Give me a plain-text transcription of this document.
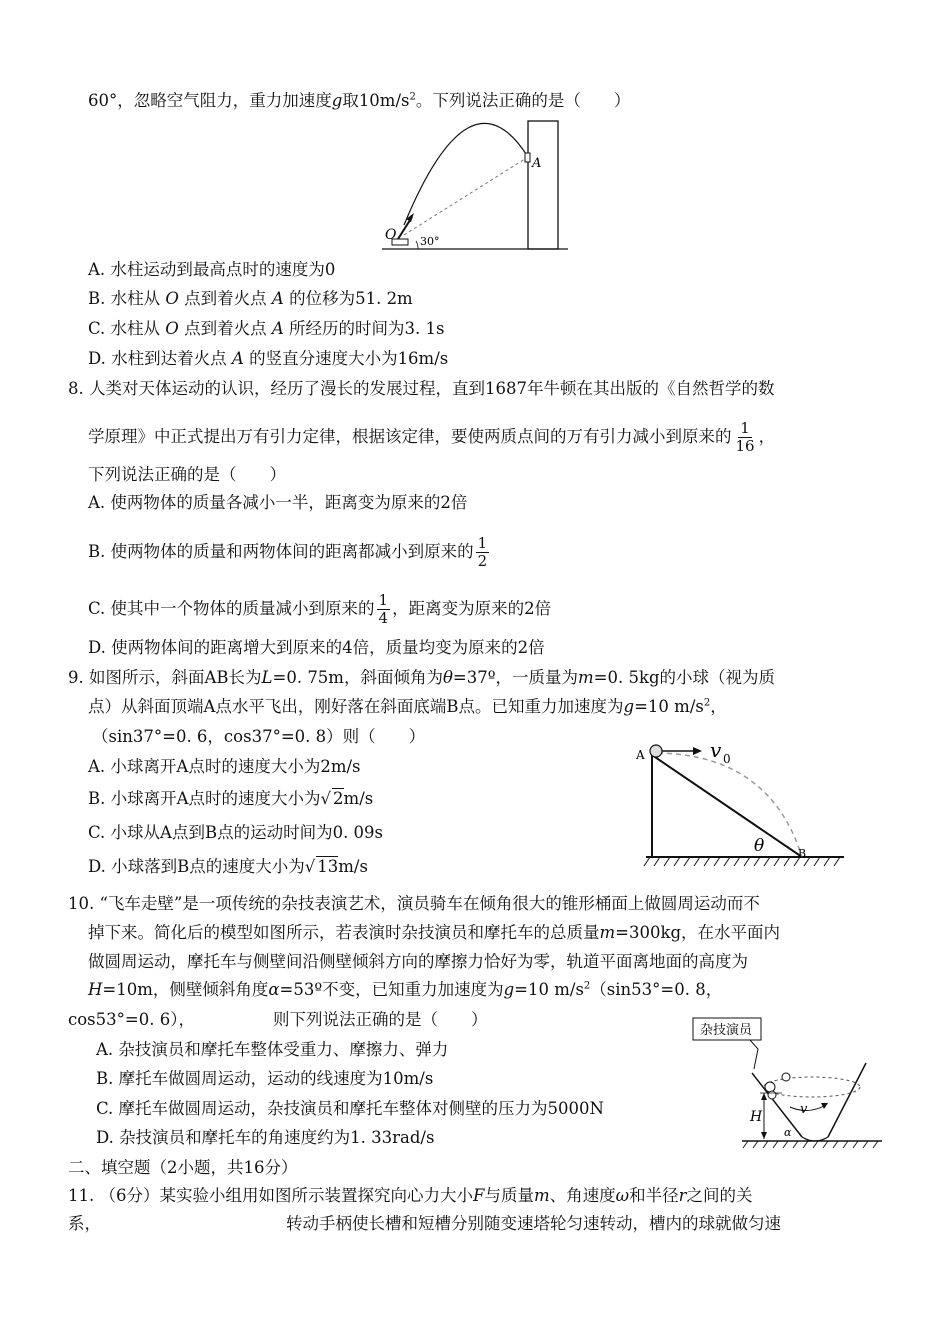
60°，忽略空气阻力，重力加速度g取$10m/s^2$。下列说法正确的是（　　）
O
A
30°
A. 水柱运动到最高点时的速度为0
B. 水柱从 O 点到着火点 A 的位移为51. 2m
C. 水柱从 O 点到着火点 A 所经历的时间为3. 1s
D. 水柱到达着火点 A 的竖直分速度大小为16m/s
8. 人类对天体运动的认识，经历了漫长的发展过程，直到1687年牛顿在其出版的《自然哲学的数
学原理》中正式提出万有引力定律，根据该定律，要使两质点间的万有引力减小到原来的 $\frac{1}{16}$ ，
下列说法正确的是（　　）
A. 使两物体的质量各减小一半，距离变为原来的2倍
B. 使两物体的质量和两物体间的距离都减小到原来的 $\frac{1}{2}$
C. 使其中一个物体的质量减小到原来的 $\frac{1}{4}$ ，距离变为原来的2倍
D. 使两物体间的距离增大到原来的4倍，质量均变为原来的2倍
9. 如图所示，斜面AB长为L=0. 75m，斜面倾角为θ=37º，一质量为m=0. 5kg的小球（视为质
点）从斜面顶端A点水平飞出，刚好落在斜面底端B点。已知重力加速度为g=10 $m/s^2$，
（sin37°=0. 6，cos37°=0. 8）则（　　）
A. 小球离开A点时的速度大小为2m/s
B. 小球离开A点时的速度大小为√ 2m/s
C. 小球从A点到B点的运动时间为0. 09s
D. 小球落到B点的速度大小为√ 13m/s
v 0
A
B
θ
10. “飞车走壁”是一项传统的杂技表演艺术，演员骑车在倾角很大的锥形桶面上做圆周运动而不
掉下来。简化后的模型如图所示，若表演时杂技演员和摩托车的总质量m=300kg，在水平面内
做圆周运动，摩托车与侧壁间沿侧壁倾斜方向的摩擦力恰好为零，轨道平面离地面的高度为
H=10m，侧壁倾斜角度α=53º不变，已知重力加速度为g=10 $m/s^2(\sin 53^\circ=0$. 8，
cos53°=0. 6），	则下列说法正确的是（　　）
A. 杂技演员和摩托车整体受重力、摩擦力、弹力
B. 摩托车做圆周运动，运动的线速度为10m/s
C. 摩托车做圆周运动，杂技演员和摩托车整体对侧壁的压力为5000N
D. 杂技演员和摩托车的角速度约为1. 33rad/s
杂技演员
v
H
α
二、填空题（2小题，共16分）
11. （6分）某实验小组用如图所示装置探究向心力大小F与质量m、角速度ω和半径r之间的关
系，	转动手柄使长槽和短槽分别随变速塔轮匀速转动，槽内的球就做匀速
